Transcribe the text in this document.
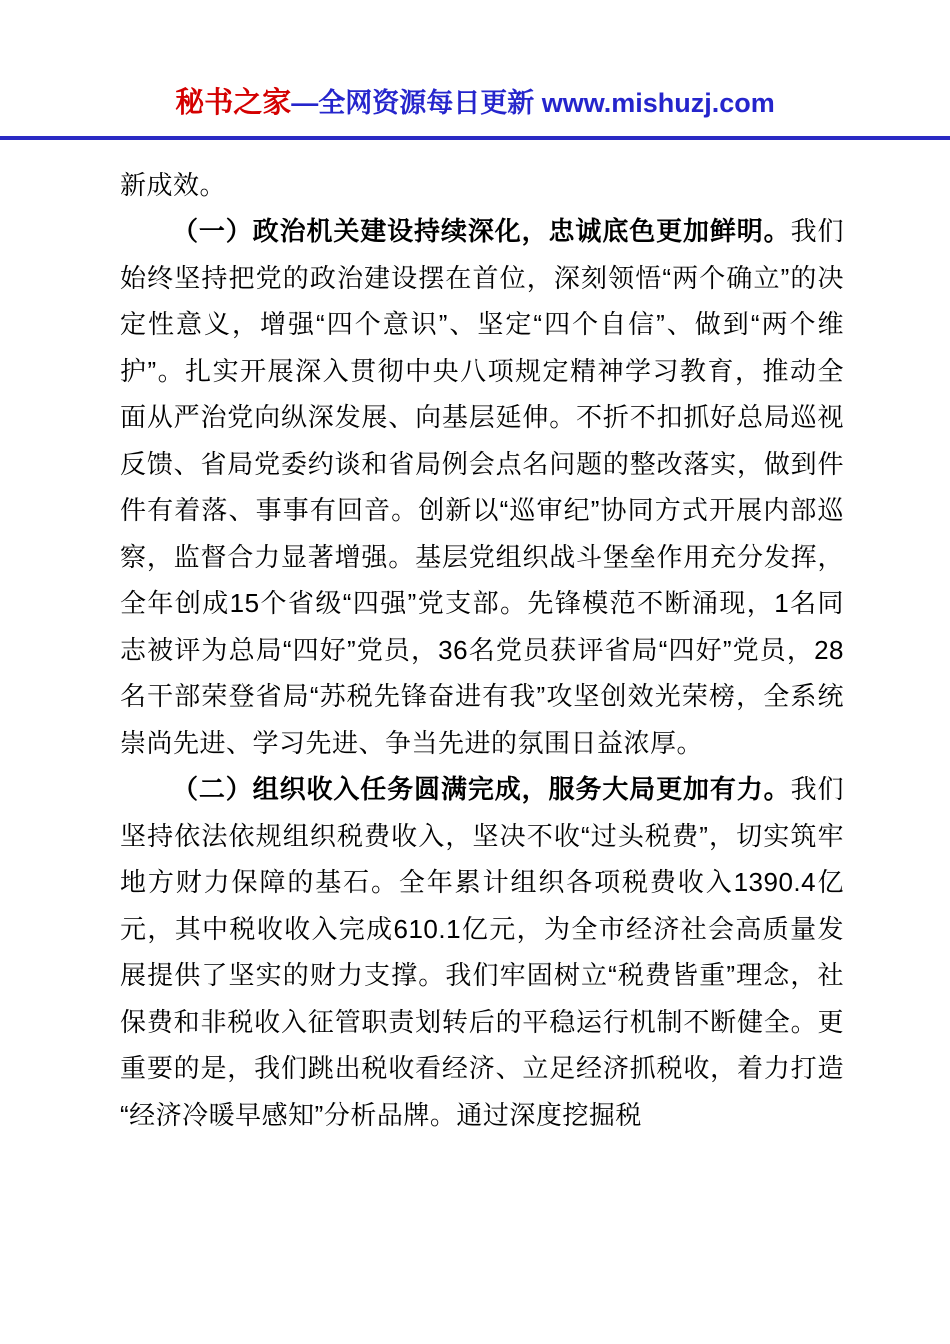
秘书之家—全网资源每日更新 www.mishuzj.com

新成效。

（一）政治机关建设持续深化，忠诚底色更加鲜明。我们始终坚持把党的政治建设摆在首位，深刻领悟“两个确立”的决定性意义，增强“四个意识”、坚定“四个自信”、做到“两个维护”。扎实开展深入贯彻中央八项规定精神学习教育，推动全面从严治党向纵深发展、向基层延伸。不折不扣抓好总局巡视反馈、省局党委约谈和省局例会点名问题的整改落实，做到件件有着落、事事有回音。创新以“巡审纪”协同方式开展内部巡察，监督合力显著增强。基层党组织战斗堡垒作用充分发挥，全年创成15个省级“四强”党支部。先锋模范不断涌现，1名同志被评为总局“四好”党员，36名党员获评省局“四好”党员，28名干部荣登省局“苏税先锋奋进有我”攻坚创效光荣榜，全系统崇尚先进、学习先进、争当先进的氛围日益浓厚。

（二）组织收入任务圆满完成，服务大局更加有力。我们坚持依法依规组织税费收入，坚决不收“过头税费”，切实筑牢地方财力保障的基石。全年累计组织各项税费收入1390.4亿元，其中税收收入完成610.1亿元，为全市经济社会高质量发展提供了坚实的财力支撑。我们牢固树立“税费皆重”理念，社保费和非税收入征管职责划转后的平稳运行机制不断健全。更重要的是，我们跳出税收看经济、立足经济抓税收，着力打造“经济冷暖早感知”分析品牌。通过深度挖掘税
